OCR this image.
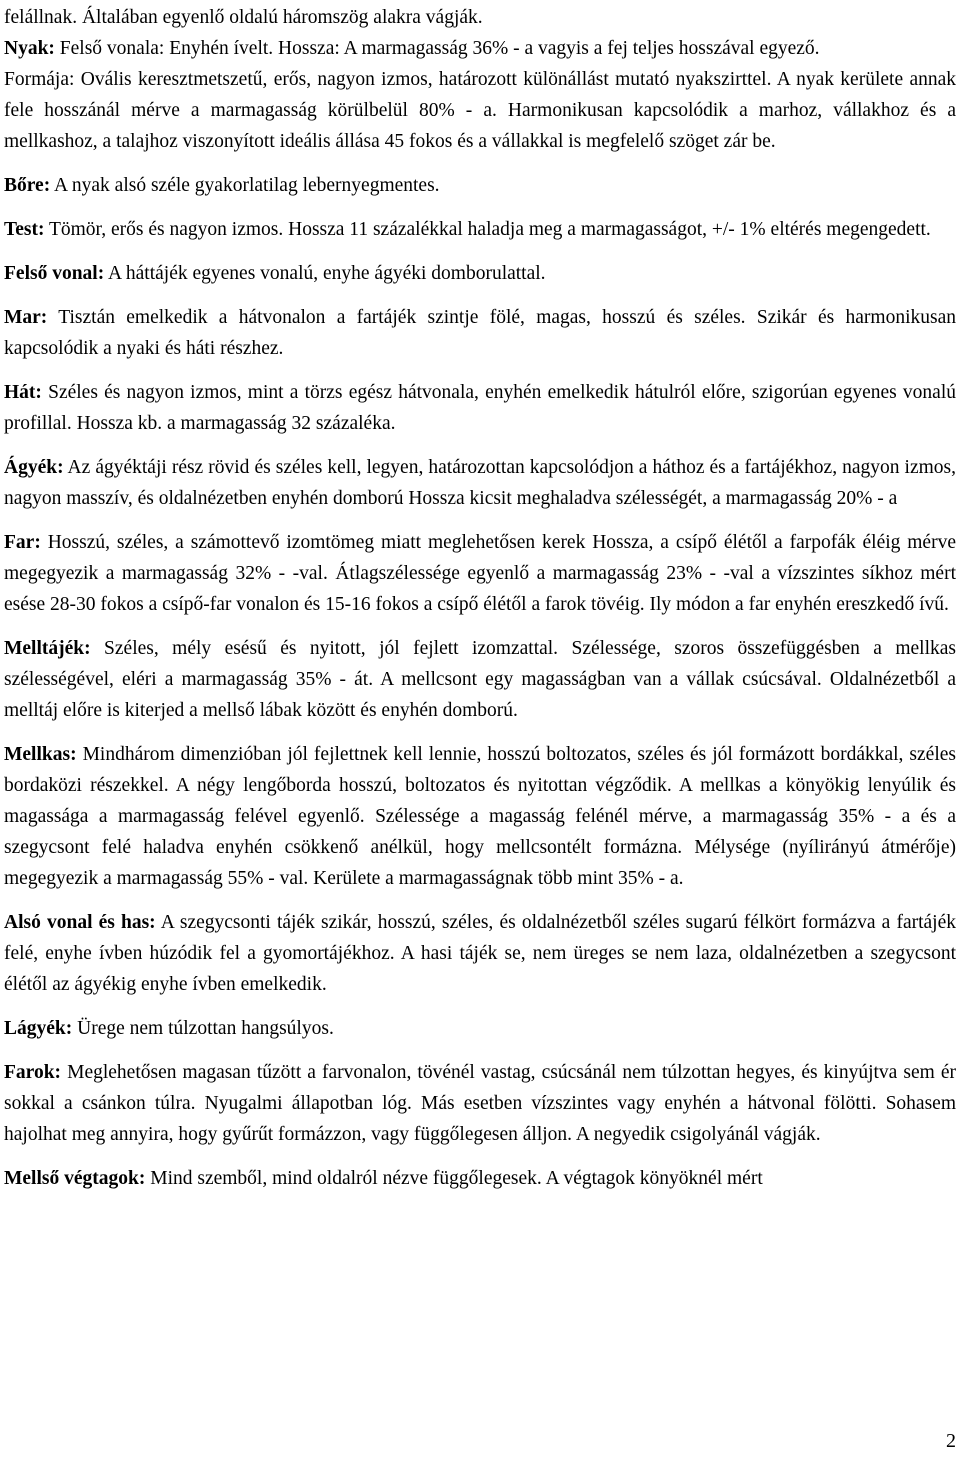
felállnak. Általában egyenlő oldalú háromszög alakra vágják.

Nyak: Felső vonala: Enyhén ívelt. Hossza: A marmagasság 36% - a vagyis a fej teljes hosszával egyező.

Formája: Ovális keresztmetszetű, erős, nagyon izmos, határozott különállást mutató nyakszirttel. A nyak kerülete annak fele hosszánál mérve a marmagasság körülbelül 80% - a. Harmonikusan kapcsolódik a marhoz, vállakhoz és a mellkashoz, a talajhoz viszonyított ideális állása 45 fokos és a vállakkal is megfelelő szöget zár be.

Bőre: A nyak alsó széle gyakorlatilag lebernyegmentes.

Test: Tömör, erős és nagyon izmos. Hossza 11 százalékkal haladja meg a marmagasságot, +/- 1% eltérés megengedett.

Felső vonal: A háttájék egyenes vonalú, enyhe ágyéki domborulattal.

Mar: Tisztán emelkedik a hátvonalon a fartájék szintje fölé, magas, hosszú és széles. Szikár és harmonikusan kapcsolódik a nyaki és háti részhez.

Hát: Széles és nagyon izmos, mint a törzs egész hátvonala, enyhén emelkedik hátulról előre, szigorúan egyenes vonalú profillal. Hossza kb. a marmagasság 32 százaléka.

Ágyék: Az ágyéktáji rész rövid és széles kell, legyen, határozottan kapcsolódjon a háthoz és a fartájékhoz, nagyon izmos, nagyon masszív, és oldalnézetben enyhén domború Hossza kicsit meghaladva szélességét, a marmagasság 20% - a

Far: Hosszú, széles, a számottevő izomtömeg miatt meglehetősen kerek Hossza, a csípő élétől a farpofák éléig mérve megegyezik a marmagasság 32% - -val. Átlagszélessége egyenlő a marmagasság 23% - -val a vízszintes síkhoz mért esése 28-30 fokos a csípő-far vonalon és 15-16 fokos a csípő élétől a farok tövéig. Ily módon a far enyhén ereszkedő ívű.

Melltájék: Széles, mély esésű és nyitott, jól fejlett izomzattal. Szélessége, szoros összefüggésben a mellkas szélességével, eléri a marmagasság 35% - át. A mellcsont egy magasságban van a vállak csúcsával. Oldalnézetből a melltáj előre is kiterjed a mellső lábak között és enyhén domború.

Mellkas: Mindhárom dimenzióban jól fejlettnek kell lennie, hosszú boltozatos, széles és jól formázott bordákkal, széles bordaközi részekkel. A négy lengőborda hosszú, boltozatos és nyitottan végződik. A mellkas a könyökig lenyúlik és magassága a marmagasság felével egyenlő. Szélessége a magasság felénél mérve, a marmagasság 35% - a és a szegycsont felé haladva enyhén csökkenő anélkül, hogy mellcsontélt formázna. Mélysége (nyílirányú átmérője) megegyezik a marmagasság 55% - val. Kerülete a marmagasságnak több mint 35% - a.

Alsó vonal és has: A szegycsonti tájék szikár, hosszú, széles, és oldalnézetből széles sugarú félkört formázva a fartájék felé, enyhe ívben húzódik fel a gyomortájékhoz. A hasi tájék se, nem üreges se nem laza, oldalnézetben a szegycsont élétől az ágyékig enyhe ívben emelkedik.

Lágyék: Ürege nem túlzottan hangsúlyos.

Farok: Meglehetősen magasan tűzött a farvonalon, tövénél vastag, csúcsánál nem túlzottan hegyes, és kinyújtva sem ér sokkal a csánkon túlra. Nyugalmi állapotban lóg. Más esetben vízszintes vagy enyhén a hátvonal fölötti. Sohasem hajolhat meg annyira, hogy gyűrűt formázzon, vagy függőlegesen álljon. A negyedik csigolyánál vágják.

Mellső végtagok: Mind szemből, mind oldalról nézve függőlegesek. A végtagok könyöknél mért

2
